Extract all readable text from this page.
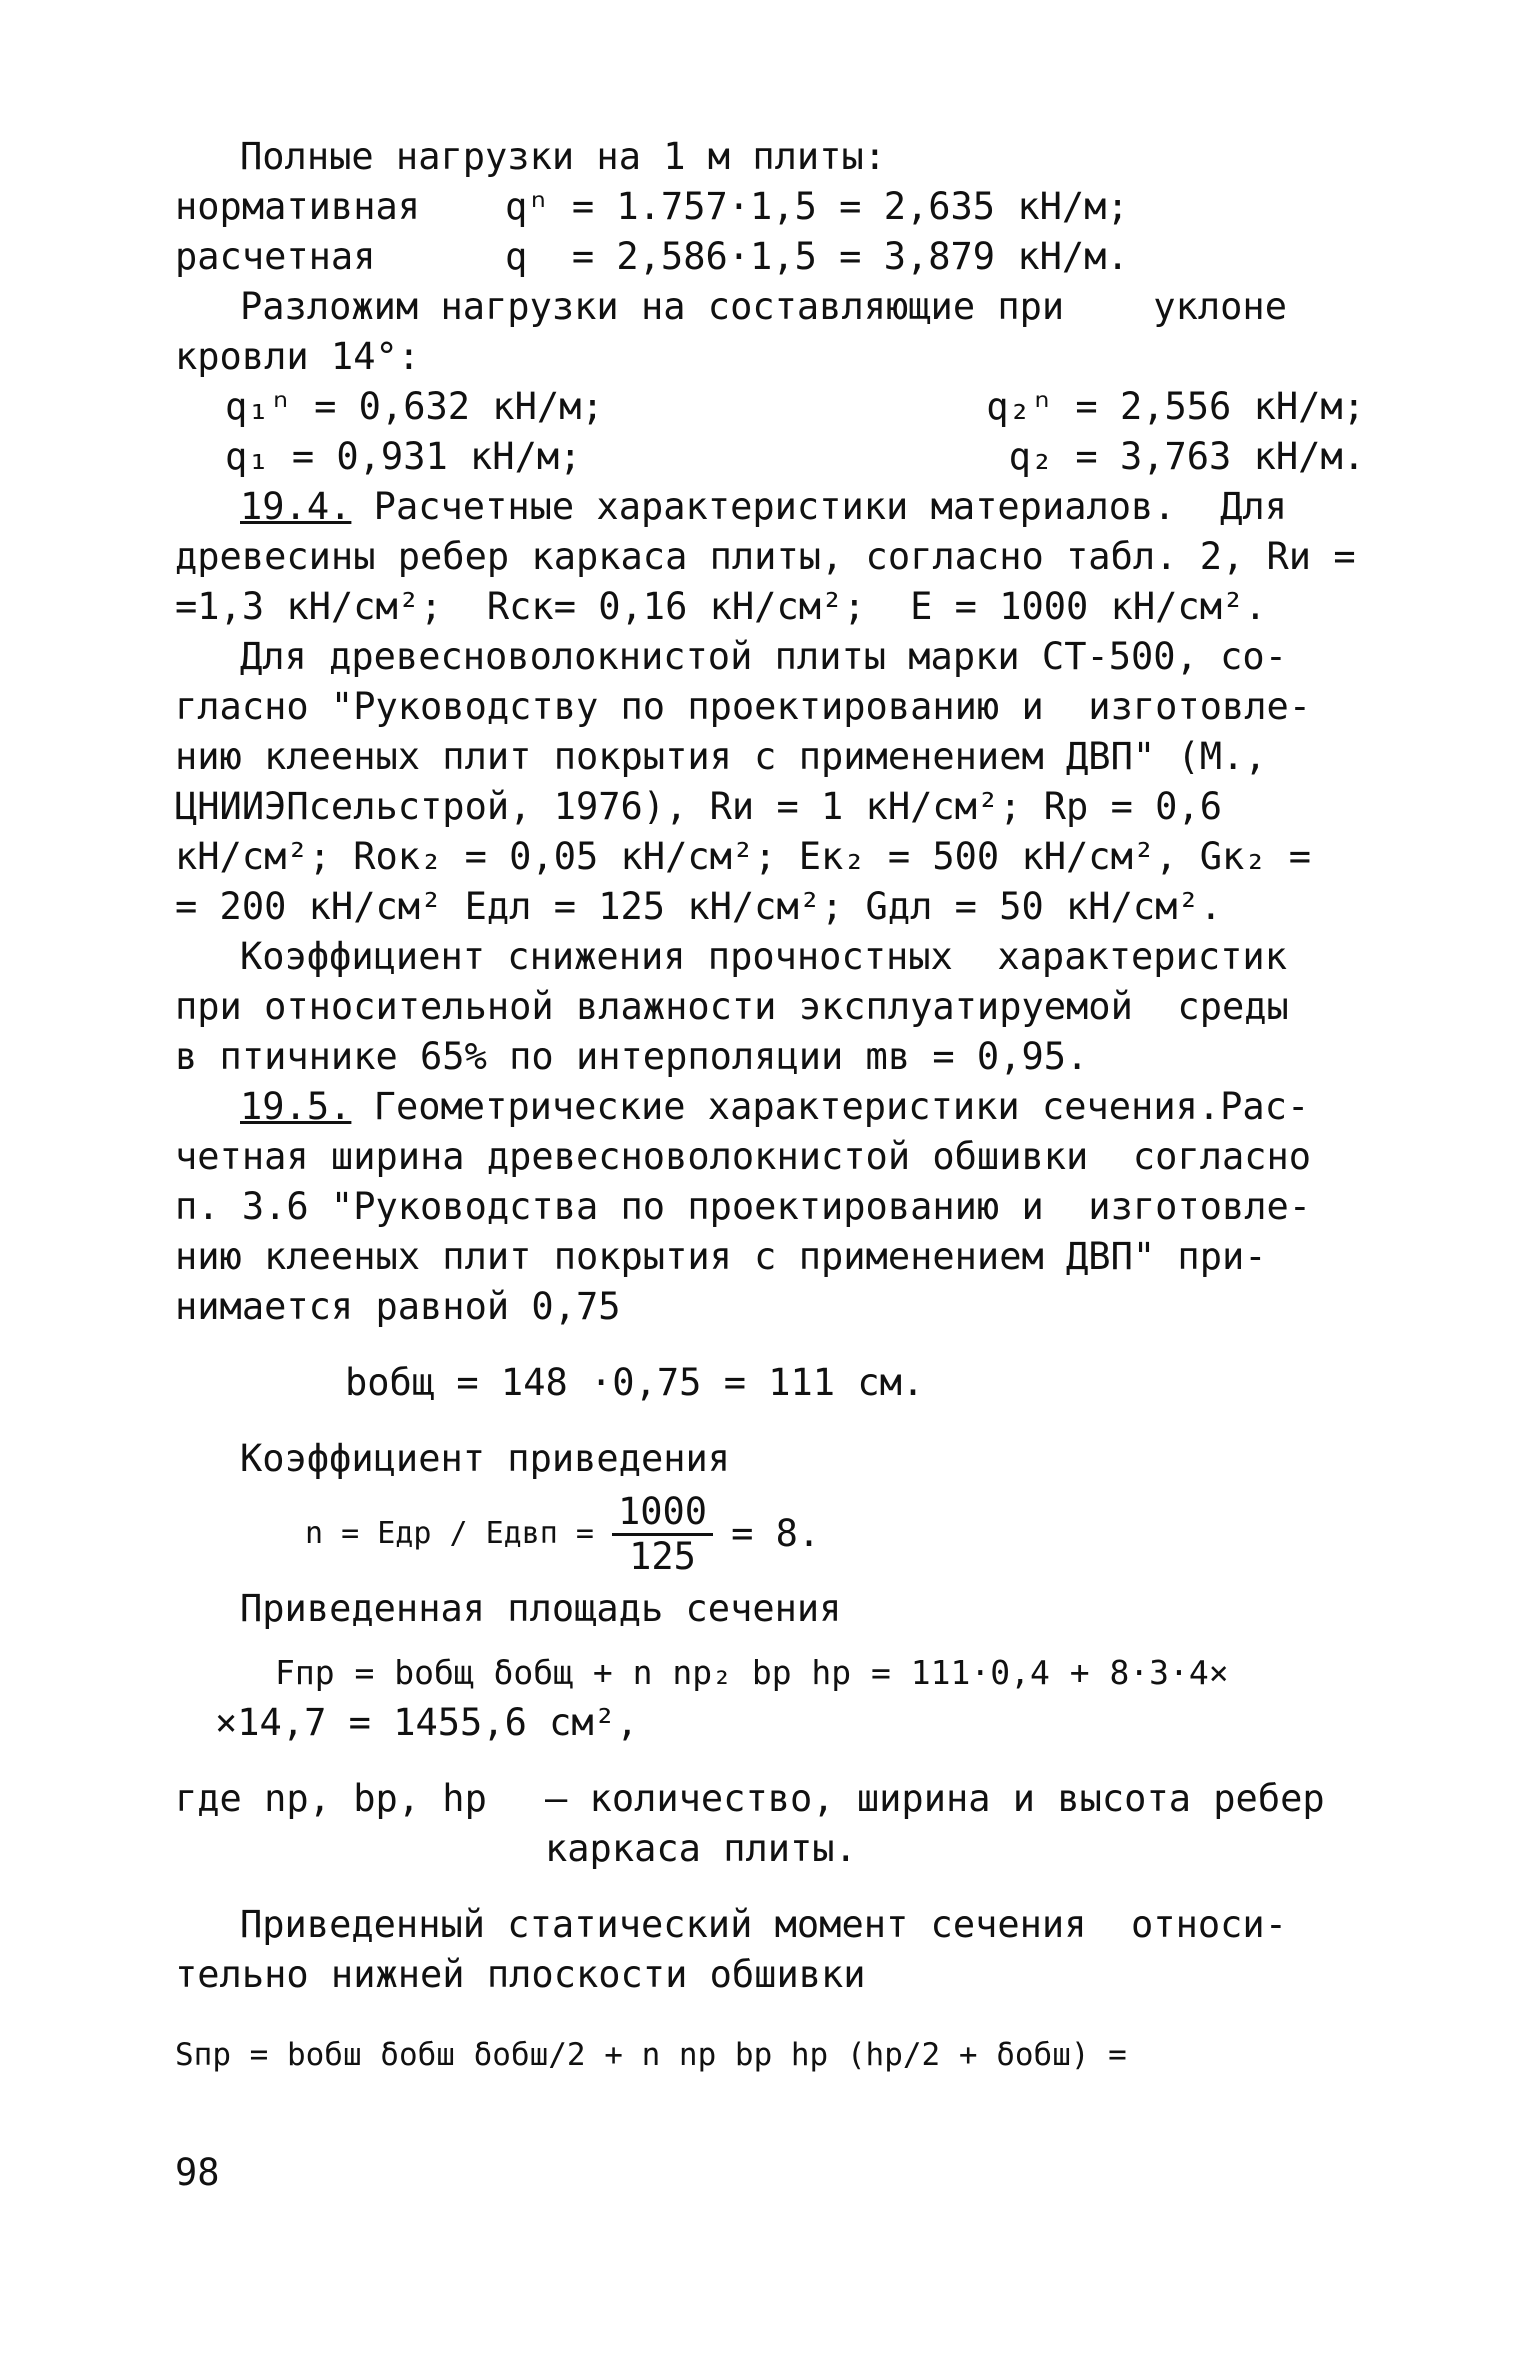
Полные нагрузки на 1 м плиты:
нормативная	qⁿ = 1.757·1,5 = 2,635 кН/м;
расчетная	q  = 2,586·1,5 = 3,879 кН/м.
Разложим нагрузки на составляющие при    уклоне
кровли 14°:
q₁ⁿ = 0,632 кН/м;	q₂ⁿ = 2,556 кН/м;
q₁ = 0,931 кН/м;	q₂ = 3,763 кН/м.
19.4. Расчетные характеристики материалов.  Для
древесины ребер каркаса плиты, согласно табл. 2, Rи =
=1,3 кН/см²;  Rск= 0,16 кН/см²;  E = 1000 кН/см².
Для древесноволокнистой плиты марки СТ-500, со-
гласно "Руководству по проектированию и  изготовле-
нию клееных плит покрытия с применением ДВП" (М.,
ЦНИИЭПсельстрой, 1976), Rи = 1 кН/см²; Rр = 0,6
кН/см²; Rок₂ = 0,05 кН/см²; Eк₂ = 500 кН/см², Gк₂ =
= 200 кН/см² Eдл = 125 кН/см²; Gдл = 50 кН/см².
Коэффициент снижения прочностных  характеристик
при относительной влажности эксплуатируемой  среды
в птичнике 65% по интерполяции mв = 0,95.
19.5. Геометрические характеристики сечения.Рас-
четная ширина древесноволокнистой обшивки  согласно
п. 3.6 "Руководства по проектированию и  изготовле-
нию клееных плит покрытия с применением ДВП" при-
нимается равной 0,75
bобщ = 148 ·0,75 = 111 см.
Коэффициент приведения
n = Eдр / Eдвп = $\frac{1000}{125} = 8$.
Приведенная площадь сечения
Fпр = bобщ δобщ + n nр₂ bр hр = 111·0,4 + 8·3·4×
×14,7 = 1455,6 см²,
где nр, bр, hр	– количество, ширина и высота ребер
каркаса плиты.
Приведенный статический момент сечения  относи-
тельно нижней плоскости обшивки
Sпр = bобш δобш δобш/2 + n nр bр hр (hр/2 + δобш) =
98
